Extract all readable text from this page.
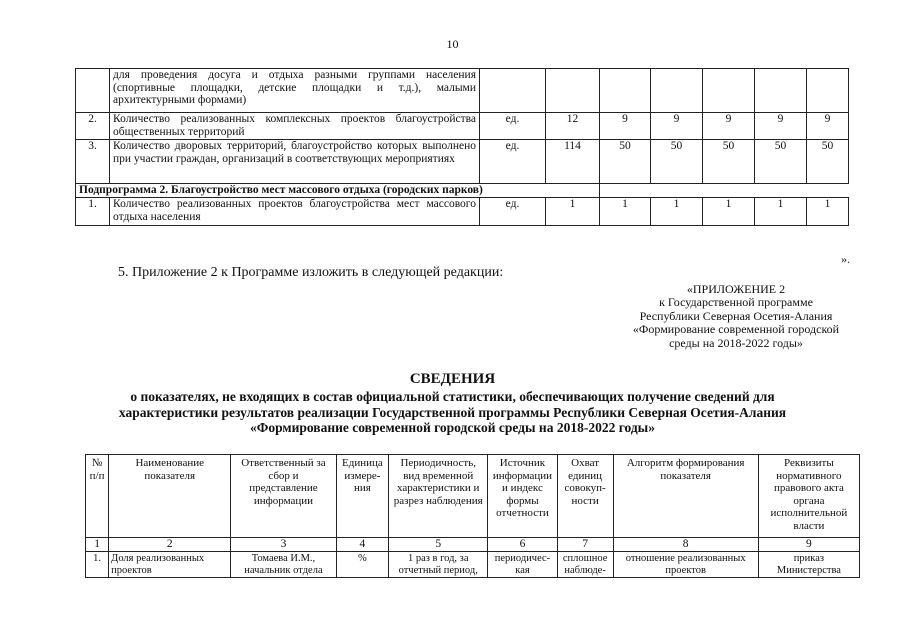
10
	для проведения досуга и отдыха разными группами населения (спортивные площадки, детские площадки и т.д.), малыми архитектурными формами)							
2.	Количество реализованных комплексных проектов благоустройства общественных территорий	ед.	12	9	9	9	9	9
3.	Количество дворовых территорий, благоустройство которых выполнено при участии граждан, организаций в соответствующих мероприятиях	ед.	114	50	50	50	50	50
Подпрограмма 2. Благоустройство мест массового отдыха (городских парков)								
1.	Количество реализованных проектов благоустройства мест массового отдыха населения	ед.	1	1	1	1	1	1
».
5. Приложение 2 к Программе изложить в следующей редакции:
«ПРИЛОЖЕНИЕ 2
к Государственной программе
Республики Северная Осетия-Алания
«Формирование современной городской
среды на 2018-2022 годы»
СВЕДЕНИЯ
о показателях, не входящих в состав официальной статистики, обеспечивающих получение сведений для
характеристики результатов реализации Государственной программы Республики Северная Осетия-Алания
«Формирование современной городской среды на 2018-2022 годы»
№ п/п	Наименование показателя	Ответственный за сбор и представление информации	Единица измере-ния	Периодичность, вид временной характеристики и разрез наблюдения	Источник информации и индекс формы отчетности	Охват единиц совокуп-ности	Алгоритм формирования показателя	Реквизиты нормативного правового акта органа исполнительной власти
1	2	3	4	5	6	7	8	9
1.	Доля реализованных проектов	Томаева И.М., начальник отдела	%	1 раз в год, за отчетный период,	периодичес-кая	сплошное наблюде-	отношение реализованных проектов	приказ Министерства
